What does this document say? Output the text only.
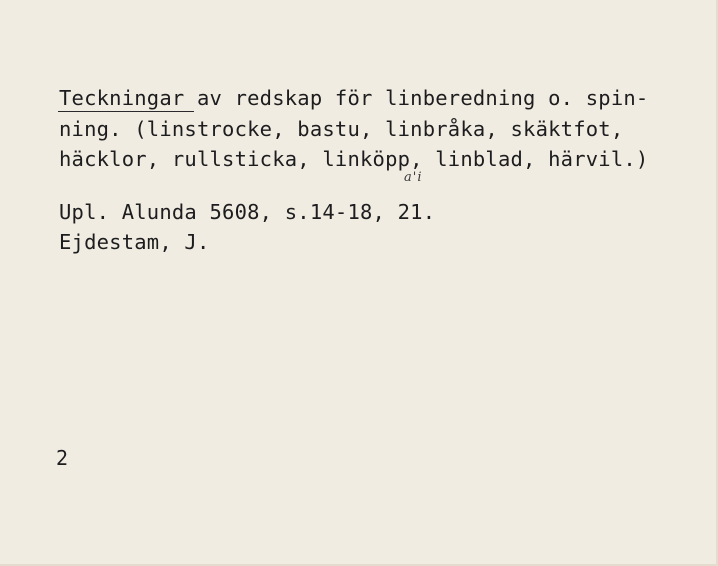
Teckningar av redskap för linberedning o. spin-
ning. (linstrocke, bastu, linbråka, skäktfot,
häcklor, rullsticka, linköpp, linblad, härvil.)
a'ⅰ
Upl. Alunda 5608, s.14-18, 21.
Ejdestam, J.
2
